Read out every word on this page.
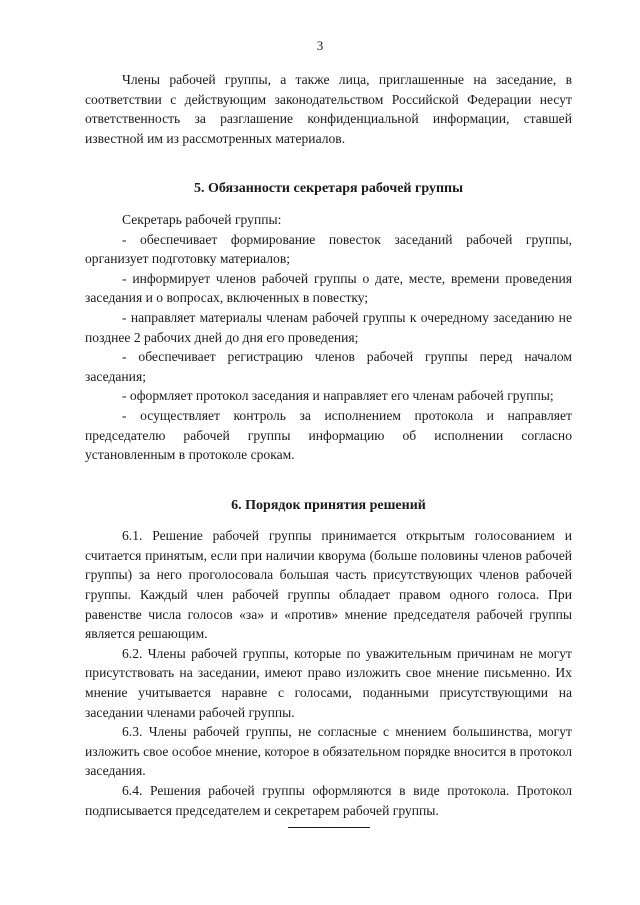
3

Члены рабочей группы, а также лица, приглашенные на заседание, в соответствии с действующим законодательством Российской Федерации несут ответственность за разглашение конфиденциальной информации, ставшей известной им из рассмотренных материалов.

5. Обязанности секретаря рабочей группы

Секретарь рабочей группы:

- обеспечивает формирование повесток заседаний рабочей группы, организует подготовку материалов;

- информирует членов рабочей группы о дате, месте, времени проведения заседания и о вопросах, включенных в повестку;

- направляет материалы членам рабочей группы к очередному заседанию не позднее 2 рабочих дней до дня его проведения;

- обеспечивает регистрацию членов рабочей группы перед началом заседания;

- оформляет протокол заседания и направляет его членам рабочей группы;

- осуществляет контроль за исполнением протокола и направляет председателю рабочей группы информацию об исполнении согласно установленным в протоколе срокам.

6. Порядок принятия решений

6.1. Решение рабочей группы принимается открытым голосованием и считается принятым, если при наличии кворума (больше половины членов рабочей группы) за него проголосовала большая часть присутствующих членов рабочей группы. Каждый член рабочей группы обладает правом одного голоса. При равенстве числа голосов «за» и «против» мнение председателя рабочей группы является решающим.

6.2. Члены рабочей группы, которые по уважительным причинам не могут присутствовать на заседании, имеют право изложить свое мнение письменно. Их мнение учитывается наравне с голосами, поданными присутствующими на заседании членами рабочей группы.

6.3. Члены рабочей группы, не согласные с мнением большинства, могут изложить свое особое мнение, которое в обязательном порядке вносится в протокол заседания.

6.4. Решения рабочей группы оформляются в виде протокола. Протокол подписывается председателем и секретарем рабочей группы.
